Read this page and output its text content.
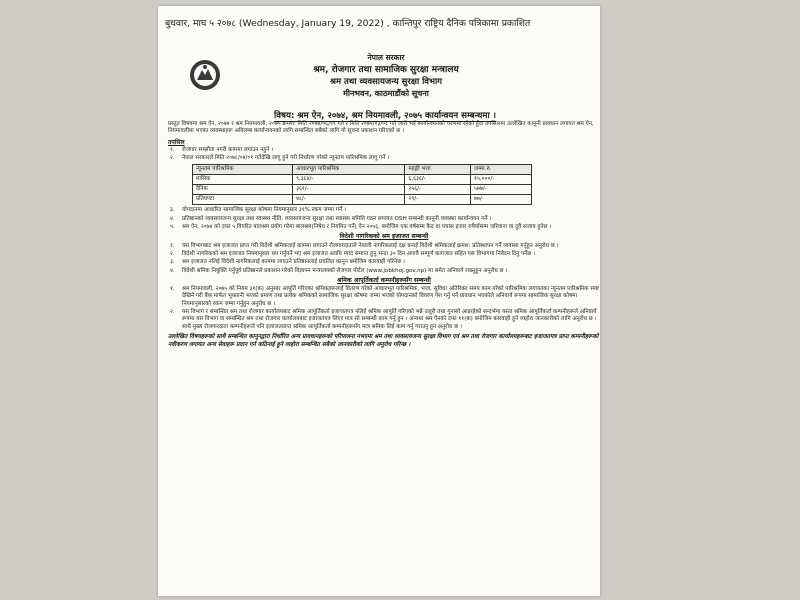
बुधवार, माघ ५ २०७८ (Wednesday, January 19, 2022) , कान्तिपुर राष्ट्रिय दैनिक पत्रिकामा प्रकाशित
नेपाल सरकार
श्रम, रोजगार तथा सामाजिक सुरक्षा मन्त्रालय
श्रम तथा व्यवसायजन्य सुरक्षा विभाग
मीनभवन, काठमाडौंको सूचना
विषय: श्रम ऐन, २०७४, श्रम नियमावली, २०७५ कार्यान्वयन सम्बन्धमा ।

प्रस्तुत विषयमा श्रम ऐन, २०७४ र श्रम नियमावली, २०७५ क्रमश: मिति २०७४/०६/१९ गते र मिति २०७५/०३/०८ गते जारी भई कार्यान्वयनको चरणमा रहेको हुँदा तपसिलमा उल्लेखित कानूनी प्रावधान लगायत श्रम ऐन, नियमावलीमा भएका व्यवस्थाहरू अविलम्ब कार्यान्वयनको लागि सम्बन्धित सबैको लागि यो सूचना प्रकाशन गरिएको छ ।

तपसिल
१.	रोजगार सम्झौता नगरी काममा लगाउन नहुने ।
२.	नेपाल सरकारले मिति २०७८/०४/०१ गतेदेखि लागू हुने गरी निर्धारण गरेको न्यूनतम पारिश्रमिक लागू गर्ने ।
न्यूनतम पारिश्रमिक	आधारभूत पारिश्रमिक	महङ्गी भत्ता	जम्मा रु.
मासिक	९,३६४/-	६,६३६/-	१५,०००/-
दैनिक	३६१/-	२५६/-	५७७/-
प्रतिघण्टा	४८/-	२९/-	७७/-
३.	योगदानमा आधारित सामाजिक सुरक्षा कोषमा नियमानुसार ३१% रकम जम्मा गर्ने ।
४.	प्रतिष्ठानको व्यवसायजन्य सुरक्षा तथा स्वास्थ्य नीति, व्यवसायजन्य सुरक्षा तथा स्वास्थ्य समिति गठन लगायत OSH सम्बन्धी कानूनी व्यवस्था कार्यान्वयन गर्ने ।
५.	श्रम ऐन, २०७४ को दफा ५ विपरित बालश्रम प्रयोग गरेमा बालश्रम(निषेध र नियमित गर्ने) ऐन २०५६, बमोजिम एक वर्षसम्म कैद वा पचास हजार रुपैयाँसम्म जरिवाना वा दुवै सजाय हुनेछ ।
विदेशी नागरिकको श्रम इजाजत सम्बन्धी
१.	यस विभागबाट श्रम इजाजत प्राप्त गरी विदेशी श्रमिकलाई काममा लगाउने रोजगारदाताले नेपाली नागरिकलाई दक्ष बनाई विदेशी श्रमिकलाई क्रमश: प्रतिस्थापन गर्ने व्यवस्था गर्नुहुन अनुरोध छ ।
२.	विदेशी नागरिकको श्रम इजाजत नियमानुसार थप गर्नुपर्ने भए श्रम इजाजत अवधि म्याद समाप्त हुनु भन्दा ३० दिन अगावै सम्पूर्ण कागजात सहित यस विभागमा निवेदन दिनु पर्नेछ ।
३.	श्रम इजाजत नलिई विदेशी नागरिकलाई काममा लगाउने प्रतिष्ठानलाई प्रचलित कानून बमोजिम कारवाही गरिनेछ ।
४.	विदेशी श्रमिक नियुक्ति गर्नुपूर्व प्रतिष्ठानले प्रकाशन गरेको विज्ञापन मन्त्रालयको रोजगार पोर्टल (www.jobkhoj.gov.np) मा समेत अनिवार्य राख्नुहुन अनुरोध छ ।
श्रमिक आपूर्तिकर्ता कम्पनीहरूसँग सम्बन्धी
१.	श्रम नियमावली, २०७५ को नियम ३१(क) अनुसार आपूर्ति गरिएका श्रमिकहरूलाई वितरण गरेको आधारभूत पारिश्रमिक, भत्ता, सुविधा अतिरिक्त समय काम गरेको पारिश्रमिक लगायतका न्यूनतम पारिश्रमिक स्पष्ट देखिने गरी बैंक मार्फत भुक्तानी भएको प्रमाण तथा प्रत्येक श्रमिकको सामाजिक सुरक्षा कोषमा जम्मा भएको योगदानको विवरण पेश गर्नु पर्ने प्रावधान भएकोले अनिवार्य रूपमा सामाजिक सुरक्षा कोषमा नियमानुसारको रकम जम्मा गर्नुहुन अनुरोध छ ।
२.	यस विभाग र सम्बन्धित श्रम तथा रोजगार कार्यालयबाट श्रमिक आपूर्तिकर्ता इजाजतपत्र नलिई श्रमिक आपूर्ति गरिएको भन्ने उजुरी तथा गुनासो आइरहेको सन्दर्भमा यस्ता श्रमिक आपूर्तिकर्ता कम्पनीहरूले अनिवार्य रूपमा यस विभाग वा सम्बन्धित श्रम तथा रोजगार कार्यालयबाट इजाजतपत्र लिएर मात्र सो सम्बन्धी काम गर्नु हुन । अन्यथा श्रम ऐनको दफा ११(क) बमोजिम कारवाही हुने व्यहोरा जानकारीको लागि अनुरोध छ । साथै मुख्य रोजगारदाता कम्पनीहरूले पनि इजाजतप्राप्त श्रमिक आपूर्तिकर्ता कम्पनीहरूसँग मात्र श्रमिक लिई काम गर्नु गराउनु हुन अनुरोध छ ।
उल्लेखित विषयहरूको साथै सम्बन्धित कानूनद्वारा निर्धारित अन्य प्रावधानहरूको परिपालना नभएमा श्रम तथा व्यवसायजन्य सुरक्षा विभाग एवं श्रम तथा रोजगार कार्यालयहरूबाट इजाजतपत्र प्राप्त कम्पनीहरूको नवीकरण लगायत अन्य सेवाहरू प्रदान गर्न कठिनाई हुने व्यहोरा सम्बन्धित सबैको जानकारीको लागि अनुरोध गरिन्छ ।
